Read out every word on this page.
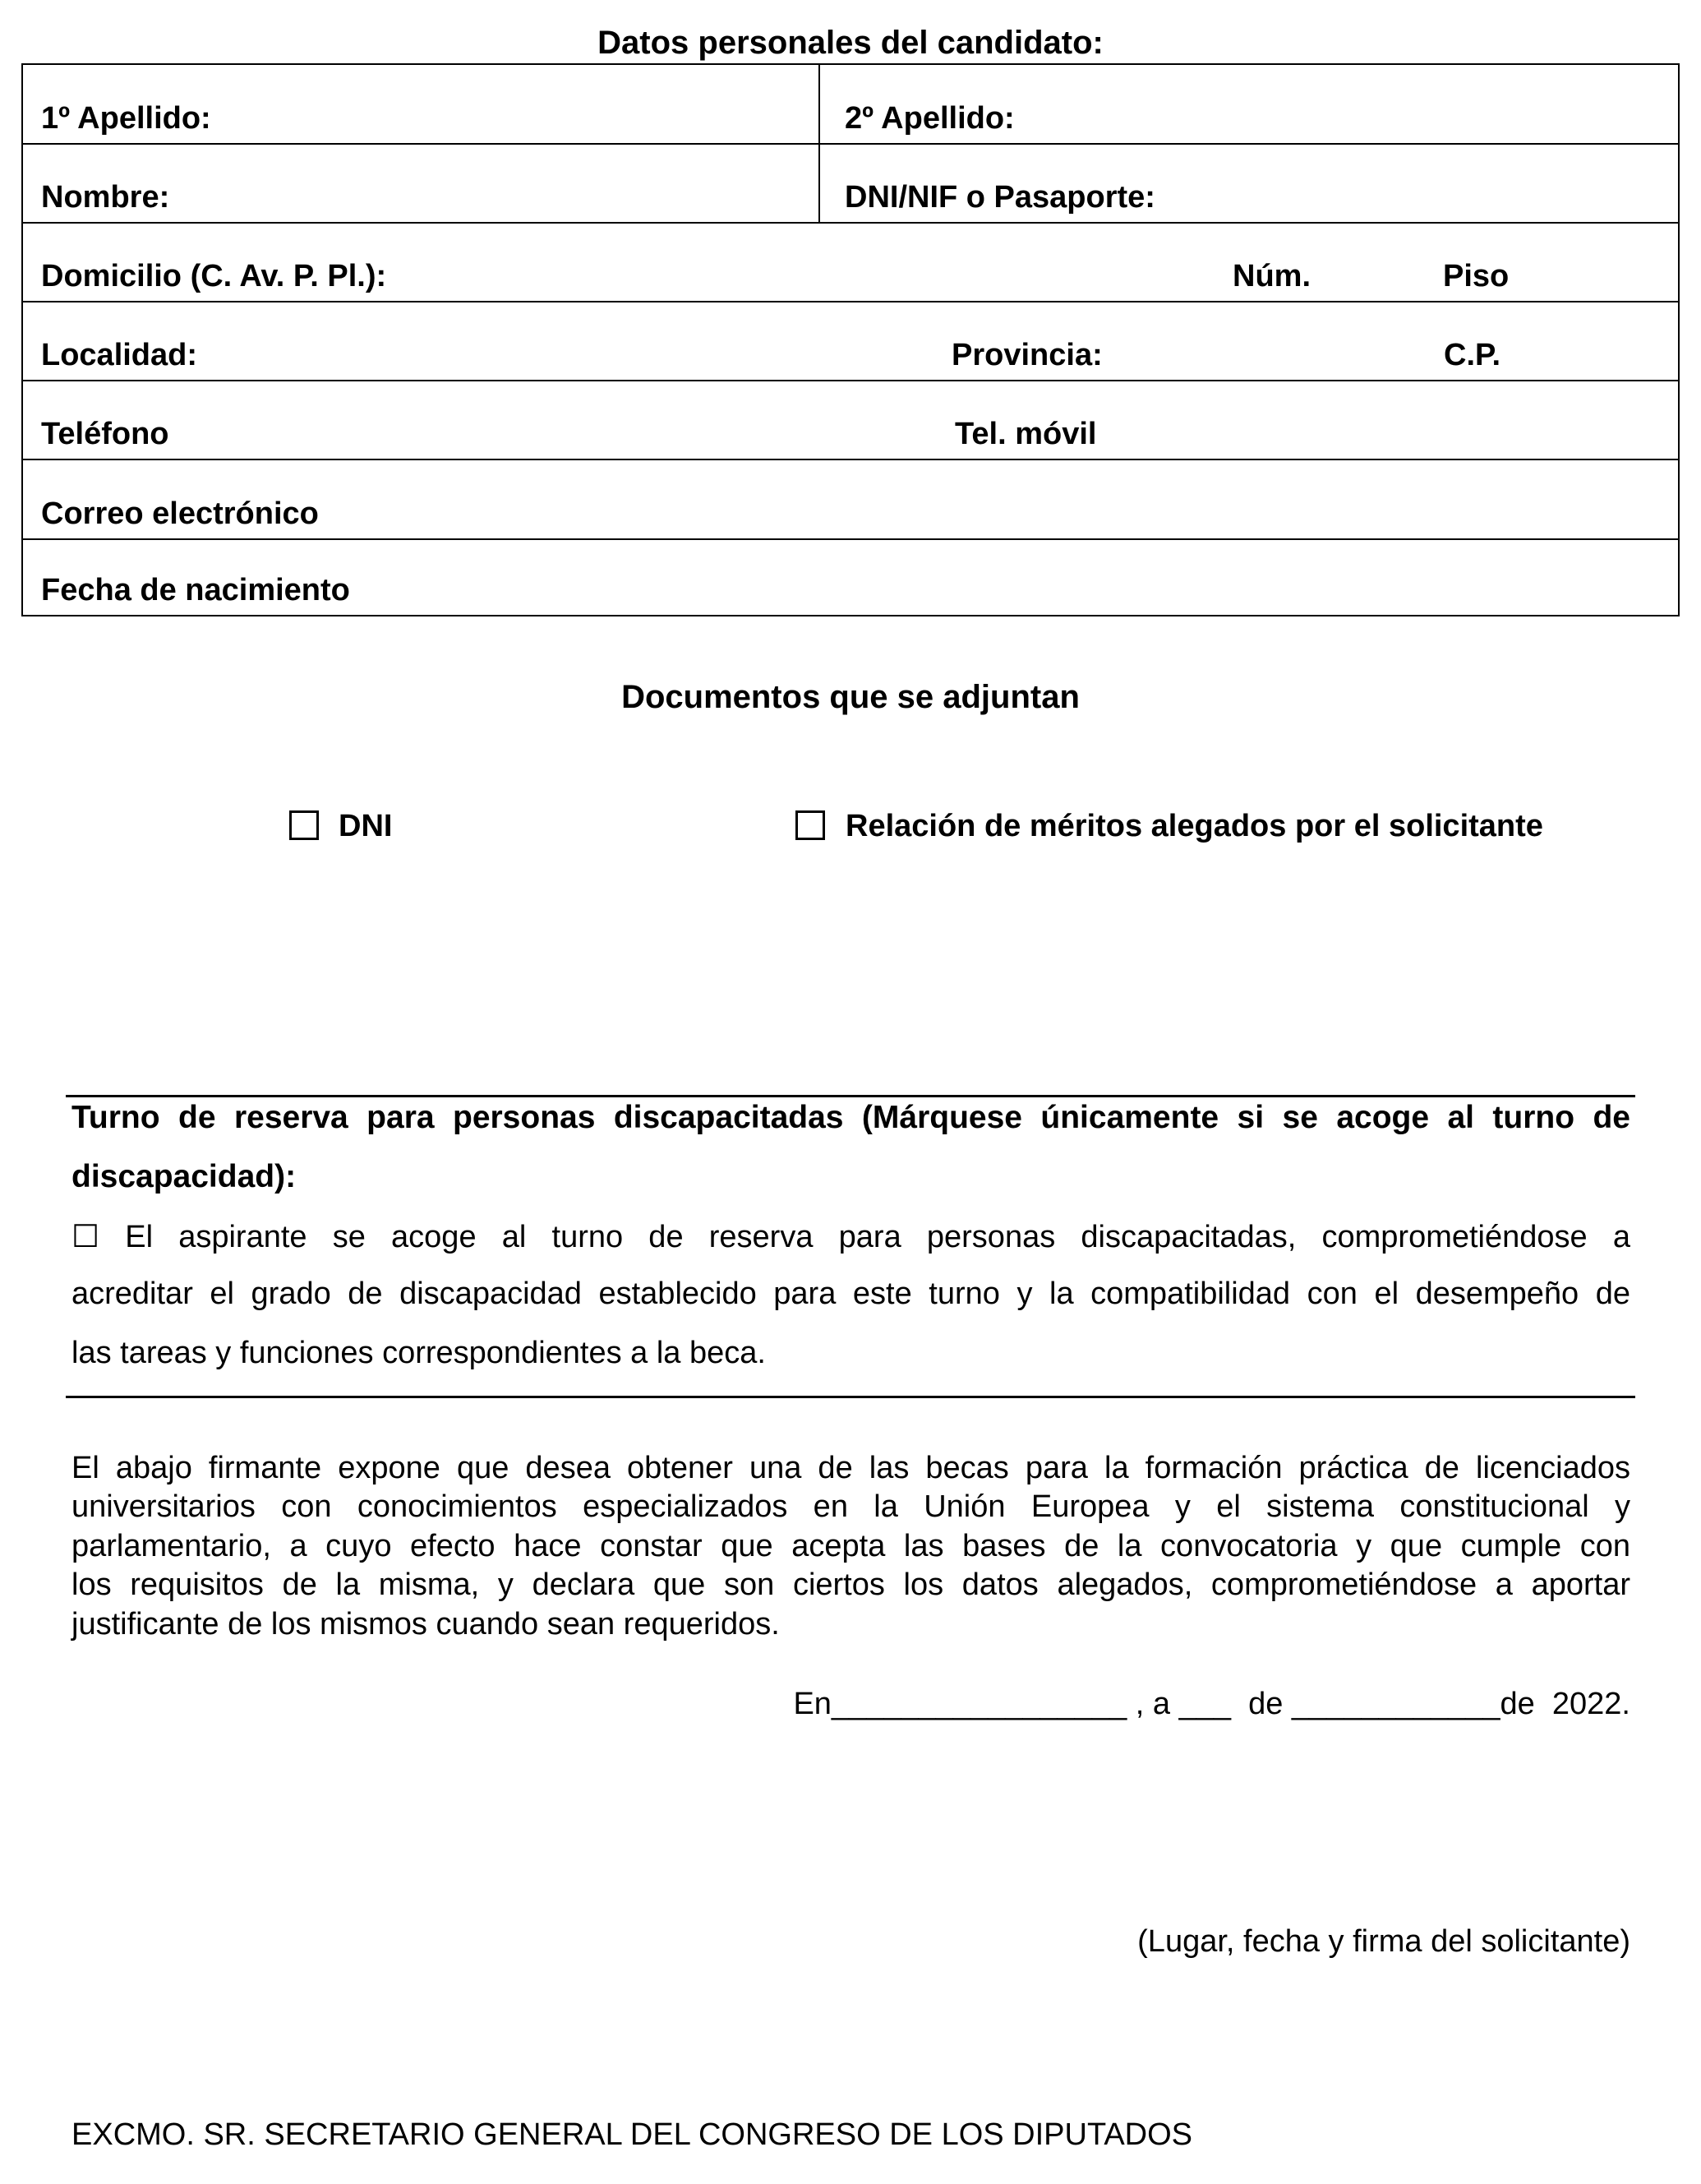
Datos personales del candidato:
1º Apellido:	2º Apellido:
Nombre:	DNI/NIF o Pasaporte:
Domicilio (C. Av. P. Pl.):	Núm.	Piso
Localidad:	Provincia:	C.P.
Teléfono	Tel. móvil
Correo electrónico
Fecha de nacimiento
Documentos que se adjuntan
DNI	Relación de méritos alegados por el solicitante
Turno de reserva para personas discapacitadas (Márquese únicamente si se acoge al turno de
discapacidad):
☐ El aspirante se acoge al turno de reserva para personas discapacitadas, comprometiéndose a
acreditar el grado de discapacidad establecido para este turno y la compatibilidad con el desempeño de
las tareas y funciones correspondientes a la beca.
El abajo firmante expone que desea obtener una de las becas para la formación práctica de licenciados
universitarios con conocimientos especializados en la Unión Europea y el sistema constitucional y
parlamentario, a cuyo efecto hace constar que acepta las bases de la convocatoria y que cumple con
los requisitos de la misma, y declara que son ciertos los datos alegados, comprometiéndose a aportar
justificante de los mismos cuando sean requeridos.
En_________________ , a ___  de ____________de  2022.
(Lugar, fecha y firma del solicitante)
EXCMO. SR. SECRETARIO GENERAL DEL CONGRESO DE LOS DIPUTADOS
